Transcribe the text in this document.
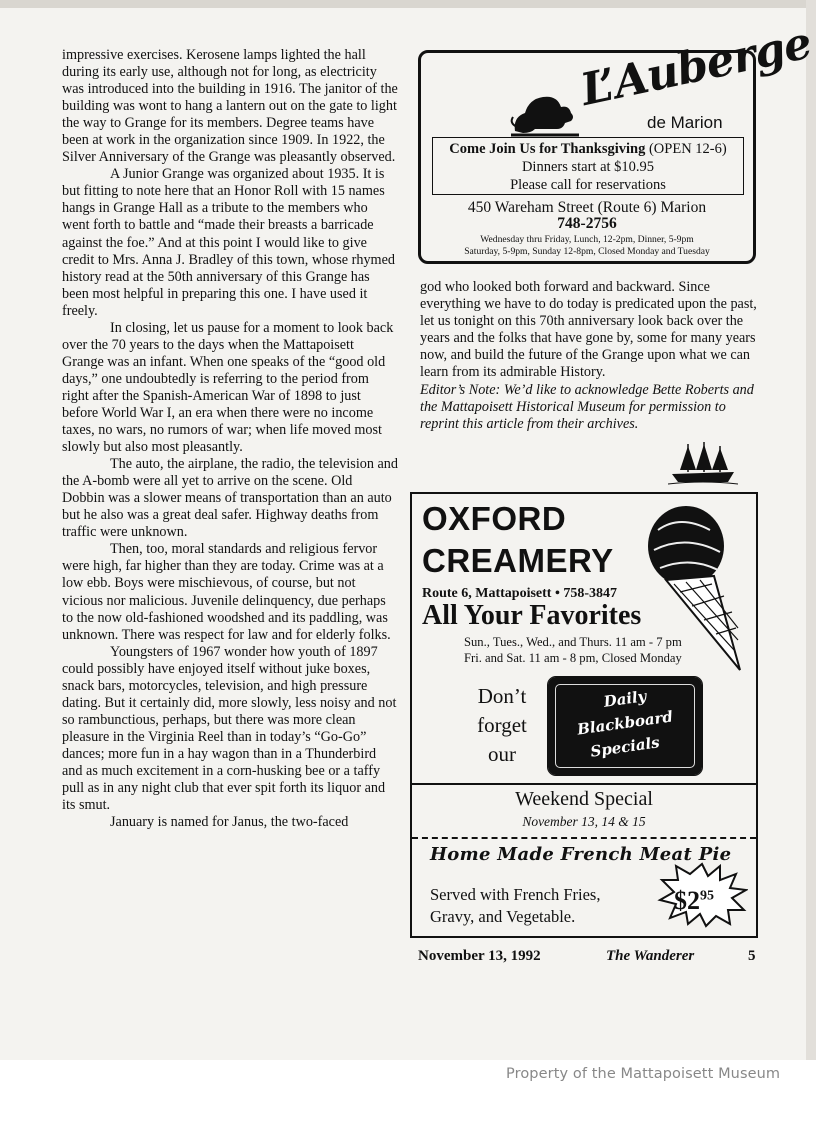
impressive exercises. Kerosene lamps lighted the hall during its early use, although not for long, as electricity was introduced into the building in 1916. The janitor of the building was wont to hang a lantern out on the gate to light the way to Grange for its members. Degree teams have been at work in the organization since 1909. In 1922, the Silver Anniversary of the Grange was pleasantly observed.

A Junior Grange was organized about 1935. It is but fitting to note here that an Honor Roll with 15 names hangs in Grange Hall as a tribute to the members who went forth to battle and “made their breasts a barricade against the foe.” And at this point I would like to give credit to Mrs. Anna J. Bradley of this town, whose rhymed history read at the 50th anniversary of this Grange has been most helpful in preparing this one. I have used it freely.

In closing, let us pause for a moment to look back over the 70 years to the days when the Mattapoisett Grange was an infant. When one speaks of the “good old days,” one undoubtedly is referring to the period from right after the Spanish-American War of 1898 to just before World War I, an era when there were no income taxes, no wars, no rumors of war; when life moved most slowly but also most pleasantly.

The auto, the airplane, the radio, the television and the A-bomb were all yet to arrive on the scene. Old Dobbin was a slower means of transportation than an auto but he also was a great deal safer. Highway deaths from traffic were unknown.

Then, too, moral standards and religious fervor were high, far higher than they are today. Crime was at a low ebb. Boys were mischievous, of course, but not vicious nor malicious. Juvenile delinquency, due perhaps to the now old-fashioned woodshed and its paddling, was unknown. There was respect for law and for elderly folks.

Youngsters of 1967 wonder how youth of 1897 could possibly have enjoyed itself without juke boxes, snack bars, motorcycles, television, and high pressure dating. But it certainly did, more slowly, less noisy and not so rambunctious, perhaps, but there was more clean pleasure in the Virginia Reel than in today’s “Go-Go” dances; more fun in a hay wagon than in a Thunderbird and as much excitement in a corn-husking bee or a taffy pull as in any night club that ever spit forth its liquor and its smut.

January is named for Janus, the two-faced

L’Auberge
de Marion
Come Join Us for Thanksgiving (OPEN 12-6)
Dinners start at $10.95
Please call for reservations
450 Wareham Street (Route 6) Marion
748-2756
Wednesday thru Friday, Lunch, 12-2pm, Dinner, 5-9pm
Saturday, 5-9pm, Sunday 12-8pm, Closed Monday and Tuesday

god who looked both forward and backward. Since everything we have to do today is predicated upon the past, let us tonight on this 70th anniversary look back over the years and the folks that have gone by, some for many years now, and build the future of the Grange upon what we can learn from its admirable History.

Editor’s Note: We’d like to acknowledge Bette Roberts and the Mattapoisett Historical Museum for permission to reprint this article from their archives.

OXFORD
CREAMERY
Route 6, Mattapoisett • 758-3847
All Your Favorites
Sun., Tues., Wed., and Thurs. 11 am - 7 pm
Fri. and Sat. 11 am - 8 pm, Closed Monday
Don’t
forget
our
Daily
Blackboard
Specials
Weekend Special
November 13, 14 & 15
Home Made French Meat Pie
Served with French Fries,
Gravy, and Vegetable.
$\$2^{95}$
November 13, 1992	The Wanderer	5
Property of the Mattapoisett Museum
